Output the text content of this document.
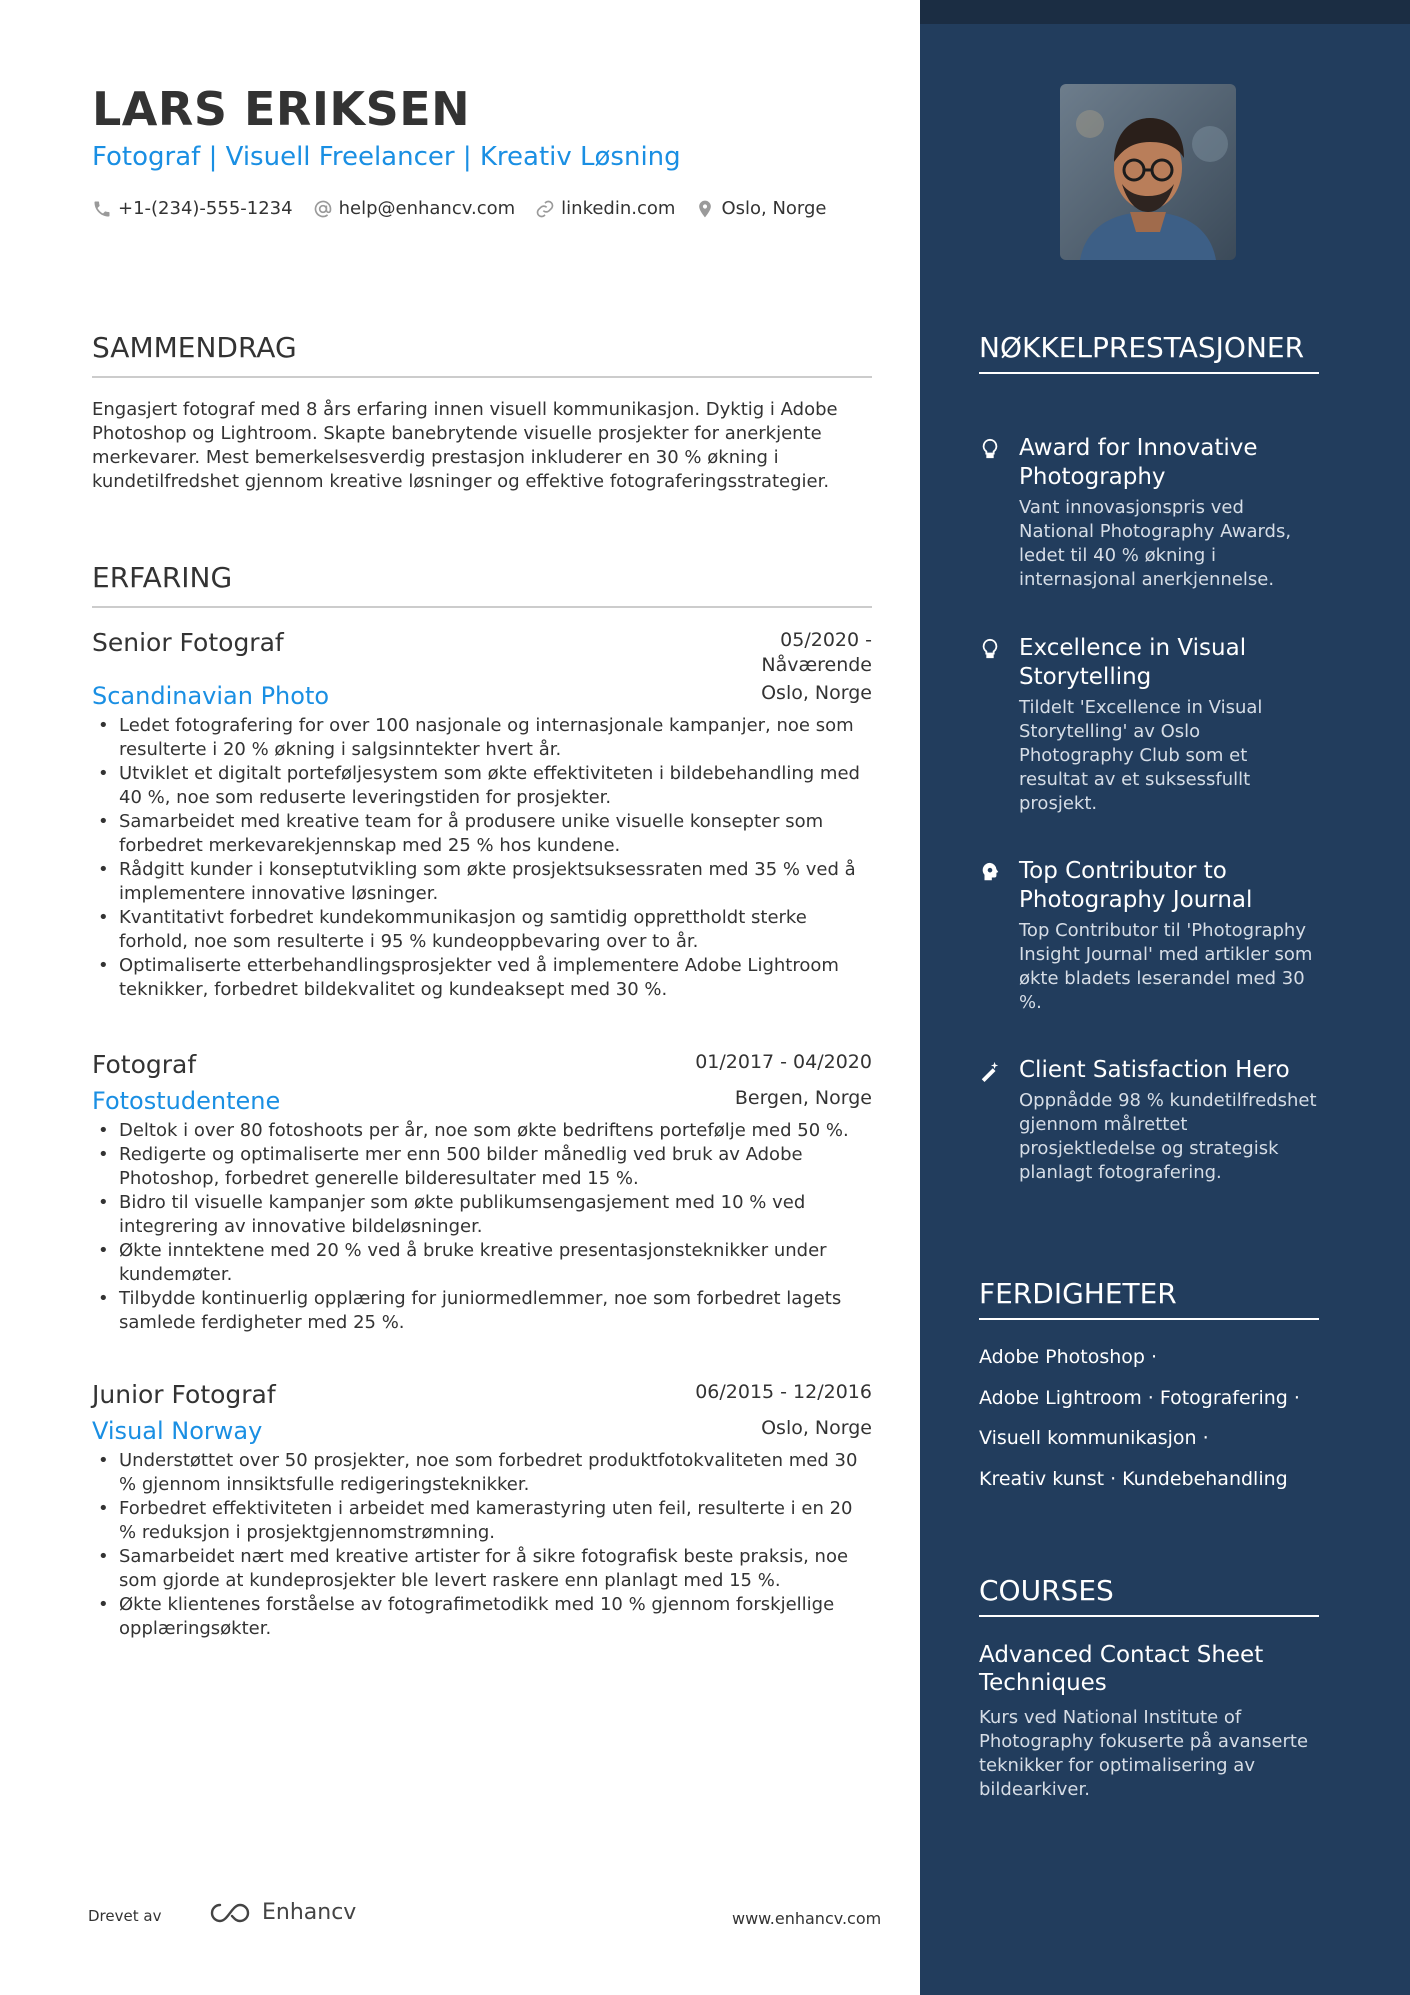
LARS ERIKSEN
Fotograf | Visuell Freelancer | Kreativ Løsning
+1-(234)-555-1234	help@enhancv.com	linkedin.com	Oslo, Norge
SAMMENDRAG
Engasjert fotograf med 8 års erfaring innen visuell kommunikasjon. Dyktig i Adobe Photoshop og Lightroom. Skapte banebrytende visuelle prosjekter for anerkjente merkevarer. Mest bemerkelsesverdig prestasjon inkluderer en 30 % økning i kundetilfredshet gjennom kreative løsninger og effektive fotograferingsstrategier.
ERFARING
Senior Fotograf	05/2020 - Nåværende
Scandinavian Photo	Oslo, Norge
• Ledet fotografering for over 100 nasjonale og internasjonale kampanjer, noe som resulterte i 20 % økning i salgsinntekter hvert år.
• Utviklet et digitalt porteføljesystem som økte effektiviteten i bildebehandling med 40 %, noe som reduserte leveringstiden for prosjekter.
• Samarbeidet med kreative team for å produsere unike visuelle konsepter som forbedret merkevarekjennskap med 25 % hos kundene.
• Rådgitt kunder i konseptutvikling som økte prosjektsuksessraten med 35 % ved å implementere innovative løsninger.
• Kvantitativt forbedret kundekommunikasjon og samtidig opprettholdt sterke forhold, noe som resulterte i 95 % kundeoppbevaring over to år.
• Optimaliserte etterbehandlingsprosjekter ved å implementere Adobe Lightroom teknikker, forbedret bildekvalitet og kundeaksept med 30 %.
Fotograf	01/2017 - 04/2020
Fotostudentene	Bergen, Norge
• Deltok i over 80 fotoshoots per år, noe som økte bedriftens portefølje med 50 %.
• Redigerte og optimaliserte mer enn 500 bilder månedlig ved bruk av Adobe Photoshop, forbedret generelle bilderesultater med 15 %.
• Bidro til visuelle kampanjer som økte publikumsengasjement med 10 % ved integrering av innovative bildeløsninger.
• Økte inntektene med 20 % ved å bruke kreative presentasjonsteknikker under kundemøter.
• Tilbydde kontinuerlig opplæring for juniormedlemmer, noe som forbedret lagets samlede ferdigheter med 25 %.
Junior Fotograf	06/2015 - 12/2016
Visual Norway	Oslo, Norge
• Understøttet over 50 prosjekter, noe som forbedret produktfotokvaliteten med 30 % gjennom innsiktsfulle redigeringsteknikker.
• Forbedret effektiviteten i arbeidet med kamerastyring uten feil, resulterte i en 20 % reduksjon i prosjektgjennomstrømning.
• Samarbeidet nært med kreative artister for å sikre fotografisk beste praksis, noe som gjorde at kundeprosjekter ble levert raskere enn planlagt med 15 %.
• Økte klientenes forståelse av fotografimetodikk med 10 % gjennom forskjellige opplæringsøkter.
Drevet av	Enhancv	www.enhancv.com
NØKKELPRESTASJONER
Award for Innovative Photography
Vant innovasjonspris ved National Photography Awards, ledet til 40 % økning i internasjonal anerkjennelse.
Excellence in Visual Storytelling
Tildelt 'Excellence in Visual Storytelling' av Oslo Photography Club som et resultat av et suksessfullt prosjekt.
Top Contributor to Photography Journal
Top Contributor til 'Photography Insight Journal' med artikler som økte bladets leserandel med 30 %.
Client Satisfaction Hero
Oppnådde 98 % kundetilfredshet gjennom målrettet prosjektledelse og strategisk planlagt fotografering.
FERDIGHETER
Adobe Photoshop ·
Adobe Lightroom · Fotografering ·
Visuell kommunikasjon ·
Kreativ kunst · Kundebehandling
COURSES
Advanced Contact Sheet Techniques
Kurs ved National Institute of Photography fokuserte på avanserte teknikker for optimalisering av bildearkiver.
